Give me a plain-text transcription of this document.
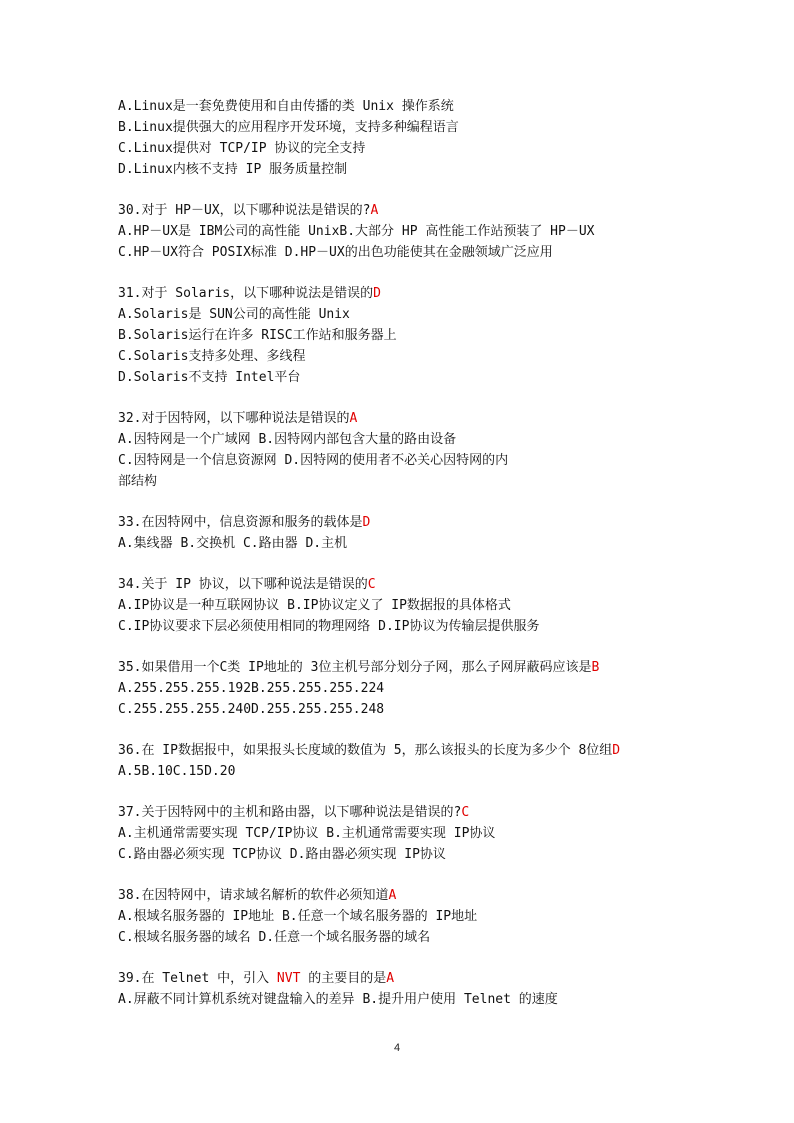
A.Linux是一套免费使用和自由传播的类 Unix 操作系统
B.Linux提供强大的应用程序开发环境，支持多种编程语言
C.Linux提供对 TCP/IP 协议的完全支持
D.Linux内核不支持 IP 服务质量控制
30.对于 HP－UX，以下哪种说法是错误的?A
A.HP－UX是 IBM公司的高性能 UnixB.大部分 HP 高性能工作站预装了 HP－UX
C.HP－UX符合 POSIX标准 D.HP－UX的出色功能使其在金融领域广泛应用
31.对于 Solaris，以下哪种说法是错误的D
A.Solaris是 SUN公司的高性能 Unix
B.Solaris运行在许多 RISC工作站和服务器上
C.Solaris支持多处理、多线程
D.Solaris不支持 Intel平台
32.对于因特网，以下哪种说法是错误的A
A.因特网是一个广域网 B.因特网内部包含大量的路由设备
C.因特网是一个信息资源网 D.因特网的使用者不必关心因特网的内
部结构
33.在因特网中，信息资源和服务的载体是D
A.集线器 B.交换机 C.路由器 D.主机
34.关于 IP 协议，以下哪种说法是错误的C
A.IP协议是一种互联网协议 B.IP协议定义了 IP数据报的具体格式
C.IP协议要求下层必须使用相同的物理网络 D.IP协议为传输层提供服务
35.如果借用一个C类 IP地址的 3位主机号部分划分子网，那么子网屏蔽码应该是B
A.255.255.255.192B.255.255.255.224
C.255.255.255.240D.255.255.255.248
36.在 IP数据报中，如果报头长度域的数值为 5，那么该报头的长度为多少个 8位组D
A.5B.10C.15D.20
37.关于因特网中的主机和路由器，以下哪种说法是错误的?C
A.主机通常需要实现 TCP/IP协议 B.主机通常需要实现 IP协议
C.路由器必须实现 TCP协议 D.路由器必须实现 IP协议
38.在因特网中，请求域名解析的软件必须知道A
A.根域名服务器的 IP地址 B.任意一个域名服务器的 IP地址
C.根域名服务器的域名 D.任意一个域名服务器的域名
39.在 Telnet 中，引入 NVT 的主要目的是A
A.屏蔽不同计算机系统对键盘输入的差异 B.提升用户使用 Telnet 的速度
4
